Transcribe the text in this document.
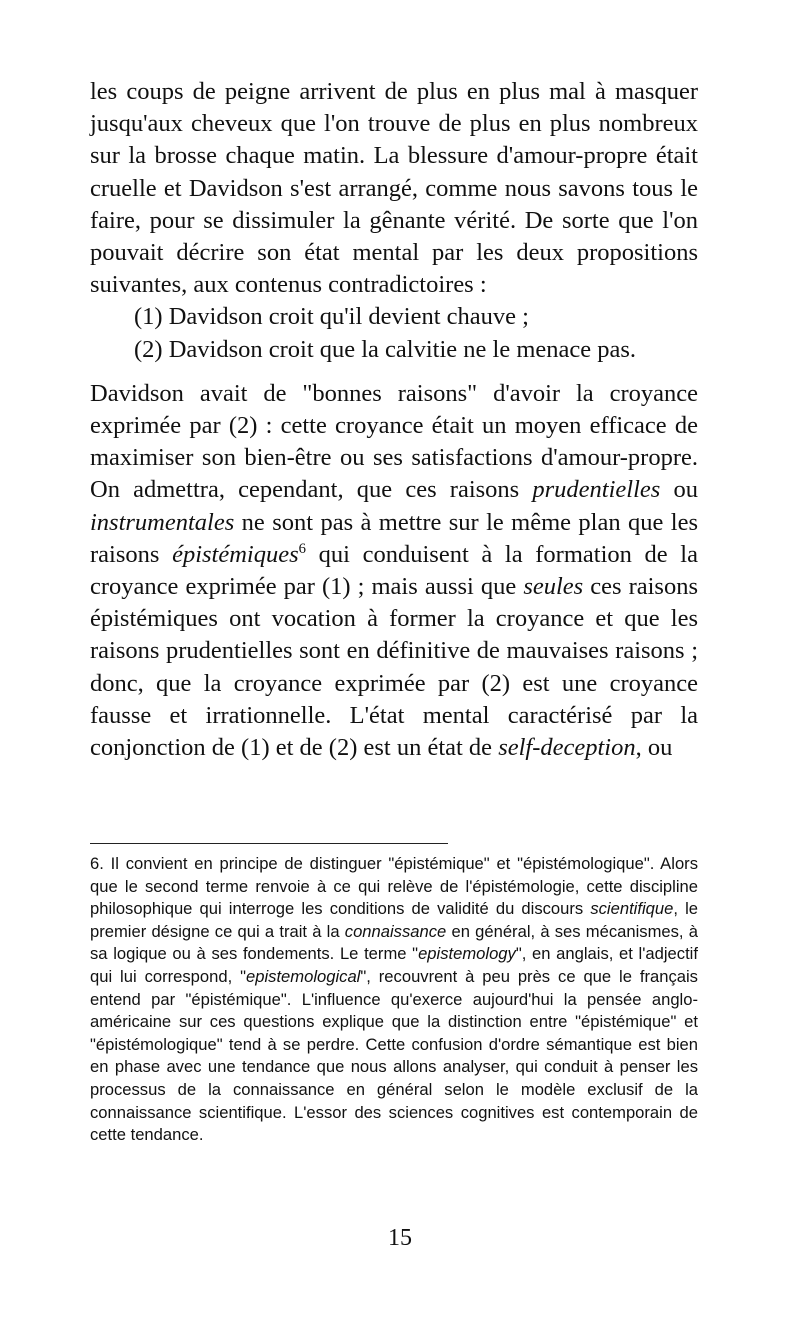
les coups de peigne arrivent de plus en plus mal à masquer jusqu'aux cheveux que l'on trouve de plus en plus nombreux sur la brosse chaque matin. La blessure d'amour-propre était cruelle et Davidson s'est arrangé, comme nous savons tous le faire, pour se dissimuler la gênante vérité. De sorte que l'on pouvait décrire son état mental par les deux propositions suivantes, aux contenus contradictoires :

(1) Davidson croit qu'il devient chauve ;

(2) Davidson croit que la calvitie ne le menace pas.

Davidson avait de "bonnes raisons" d'avoir la croyance exprimée par (2) : cette croyance était un moyen efficace de maximiser son bien-être ou ses satisfactions d'amour-propre. On admettra, cependant, que ces raisons prudentielles ou instrumentales ne sont pas à mettre sur le même plan que les raisons épistémiques$^6$ qui conduisent à la formation de la croyance exprimée par (1) ; mais aussi que seules ces raisons épistémiques ont vocation à former la croyance et que les raisons prudentielles sont en définitive de mauvaises raisons ; donc, que la croyance exprimée par (2) est une croyance fausse et irrationnelle. L'état mental caractérisé par la conjonction de (1) et de (2) est un état de self-deception, ou

6. Il convient en principe de distinguer "épistémique" et "épistémologique". Alors que le second terme renvoie à ce qui relève de l'épistémologie, cette discipline philosophique qui interroge les conditions de validité du discours scientifique, le premier désigne ce qui a trait à la connaissance en général, à ses mécanismes, à sa logique ou à ses fondements. Le terme "epistemology", en anglais, et l'adjectif qui lui correspond, "epistemological", recouvrent à peu près ce que le français entend par "épistémique". L'influence qu'exerce aujourd'hui la pensée anglo-américaine sur ces questions explique que la distinction entre "épistémique" et "épistémologique" tend à se perdre. Cette confusion d'ordre sémantique est bien en phase avec une tendance que nous allons analyser, qui conduit à penser les processus de la connaissance en général selon le modèle exclusif de la connaissance scientifique. L'essor des sciences cognitives est contemporain de cette tendance.

15
